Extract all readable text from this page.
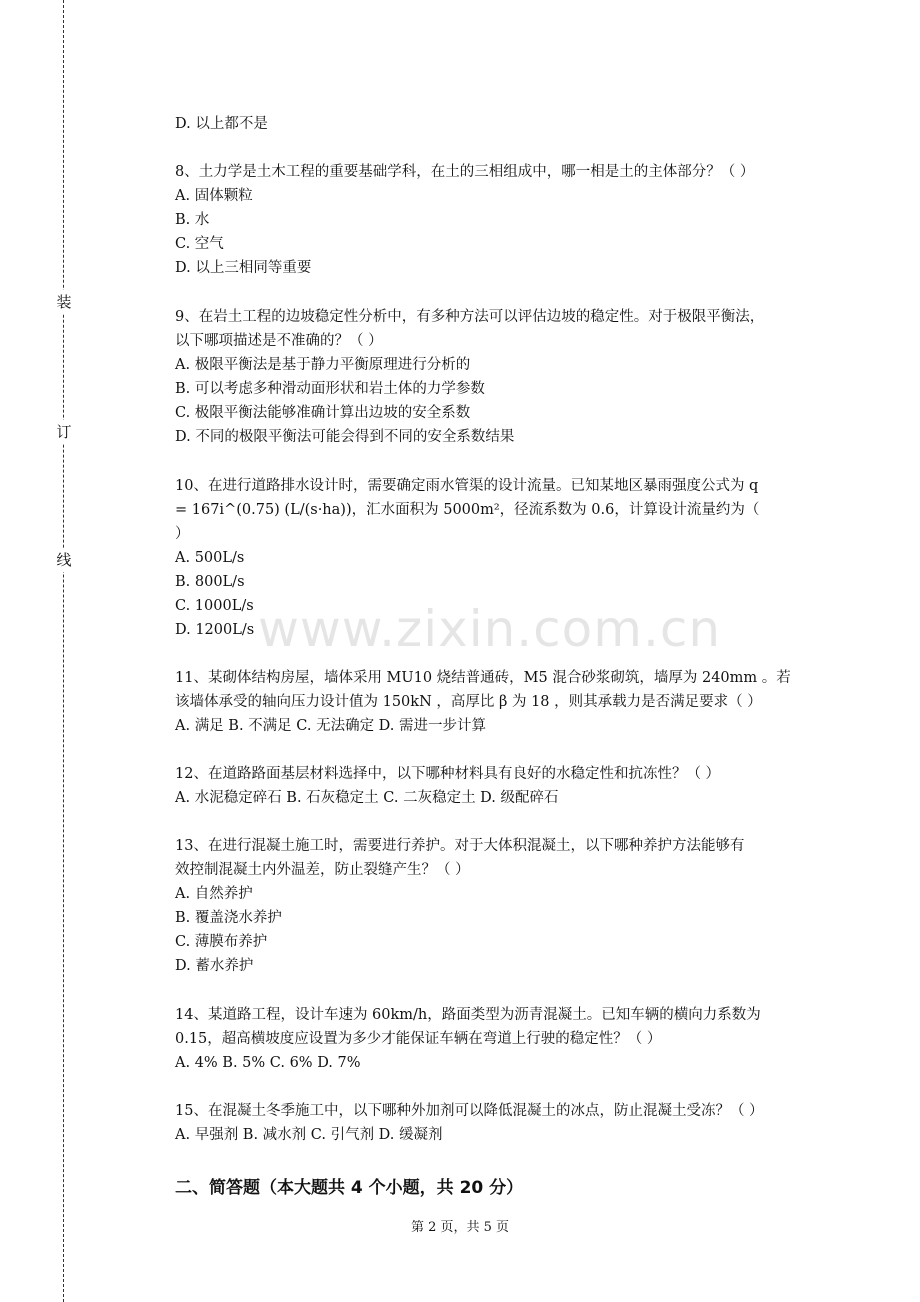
装
订
线
www.zixin.com.cn
D. 以上都不是
8、土力学是土木工程的重要基础学科，在土的三相组成中，哪一相是土的主体部分？（ ）
A. 固体颗粒
B. 水
C. 空气
D. 以上三相同等重要
9、在岩土工程的边坡稳定性分析中，有多种方法可以评估边坡的稳定性。对于极限平衡法，
以下哪项描述是不准确的？（ ）
A. 极限平衡法是基于静力平衡原理进行分析的
B. 可以考虑多种滑动面形状和岩土体的力学参数
C. 极限平衡法能够准确计算出边坡的安全系数
D. 不同的极限平衡法可能会得到不同的安全系数结果
10、在进行道路排水设计时，需要确定雨水管渠的设计流量。已知某地区暴雨强度公式为 q
= 167i^(0.75) (L/(s·ha))，汇水面积为 5000m²，径流系数为 0.6，计算设计流量约为（
）
A. 500L/s
B. 800L/s
C. 1000L/s
D. 1200L/s
11、某砌体结构房屋，墙体采用 MU10 烧结普通砖，M5 混合砂浆砌筑，墙厚为 240mm 。若
该墙体承受的轴向压力设计值为 150kN ，高厚比 β 为 18 ，则其承载力是否满足要求（ ）
A. 满足 B. 不满足 C. 无法确定 D. 需进一步计算
12、在道路路面基层材料选择中，以下哪种材料具有良好的水稳定性和抗冻性？（ ）
A. 水泥稳定碎石 B. 石灰稳定土 C. 二灰稳定土 D. 级配碎石
13、在进行混凝土施工时，需要进行养护。对于大体积混凝土，以下哪种养护方法能够有
效控制混凝土内外温差，防止裂缝产生？（ ）
A. 自然养护
B. 覆盖浇水养护
C. 薄膜布养护
D. 蓄水养护
14、某道路工程，设计车速为 60km/h，路面类型为沥青混凝土。已知车辆的横向力系数为
0.15，超高横坡度应设置为多少才能保证车辆在弯道上行驶的稳定性？（ ）
A. 4% B. 5% C. 6% D. 7%
15、在混凝土冬季施工中，以下哪种外加剂可以降低混凝土的冰点，防止混凝土受冻？（ ）
A. 早强剂 B. 减水剂 C. 引气剂 D. 缓凝剂
二、简答题（本大题共 4 个小题，共 20 分）
第 2 页，共 5 页
